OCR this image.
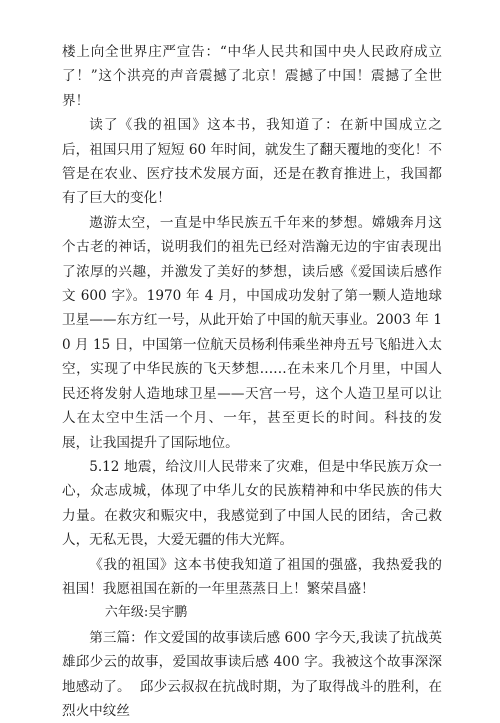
楼上向全世界庄严宣告：“中华人民共和国中央人民政府成立了！”这个洪亮的声音震撼了北京！震撼了中国！震撼了全世界！

读了《我的祖国》这本书，我知道了：在新中国成立之后，祖国只用了短短 60 年时间，就发生了翻天覆地的变化！不管是在农业、医疗技术发展方面，还是在教育推进上，我国都有了巨大的变化！

遨游太空，一直是中华民族五千年来的梦想。嫦娥奔月这个古老的神话，说明我们的祖先已经对浩瀚无边的宇宙表现出了浓厚的兴趣，并激发了美好的梦想，读后感《爱国读后感作文 600 字》。1970 年 4 月，中国成功发射了第一颗人造地球卫星——东方红一号，从此开始了中国的航天事业。2003 年 10 月 15 日，中国第一位航天员杨利伟乘坐神舟五号飞船进入太空，实现了中华民族的飞天梦想……在未来几个月里，中国人民还将发射人造地球卫星——天宫一号，这个人造卫星可以让人在太空中生活一个月、一年，甚至更长的时间。科技的发展，让我国提升了国际地位。

5.12 地震，给汶川人民带来了灾难，但是中华民族万众一心，众志成城，体现了中华儿女的民族精神和中华民族的伟大力量。在救灾和赈灾中，我感觉到了中国人民的团结，舍己救人，无私无畏，大爱无疆的伟大光辉。

《我的祖国》这本书使我知道了祖国的强盛，我热爱我的祖国！我愿祖国在新的一年里蒸蒸日上！繁荣昌盛！

六年级:吴宇鹏

第三篇：作文爱国的故事读后感 600 字今天,我读了抗战英雄邱少云的故事，爱国故事读后感 400 字。我被这个故事深深地感动了。  邱少云叔叔在抗战时期，为了取得战斗的胜利，在烈火中纹丝
